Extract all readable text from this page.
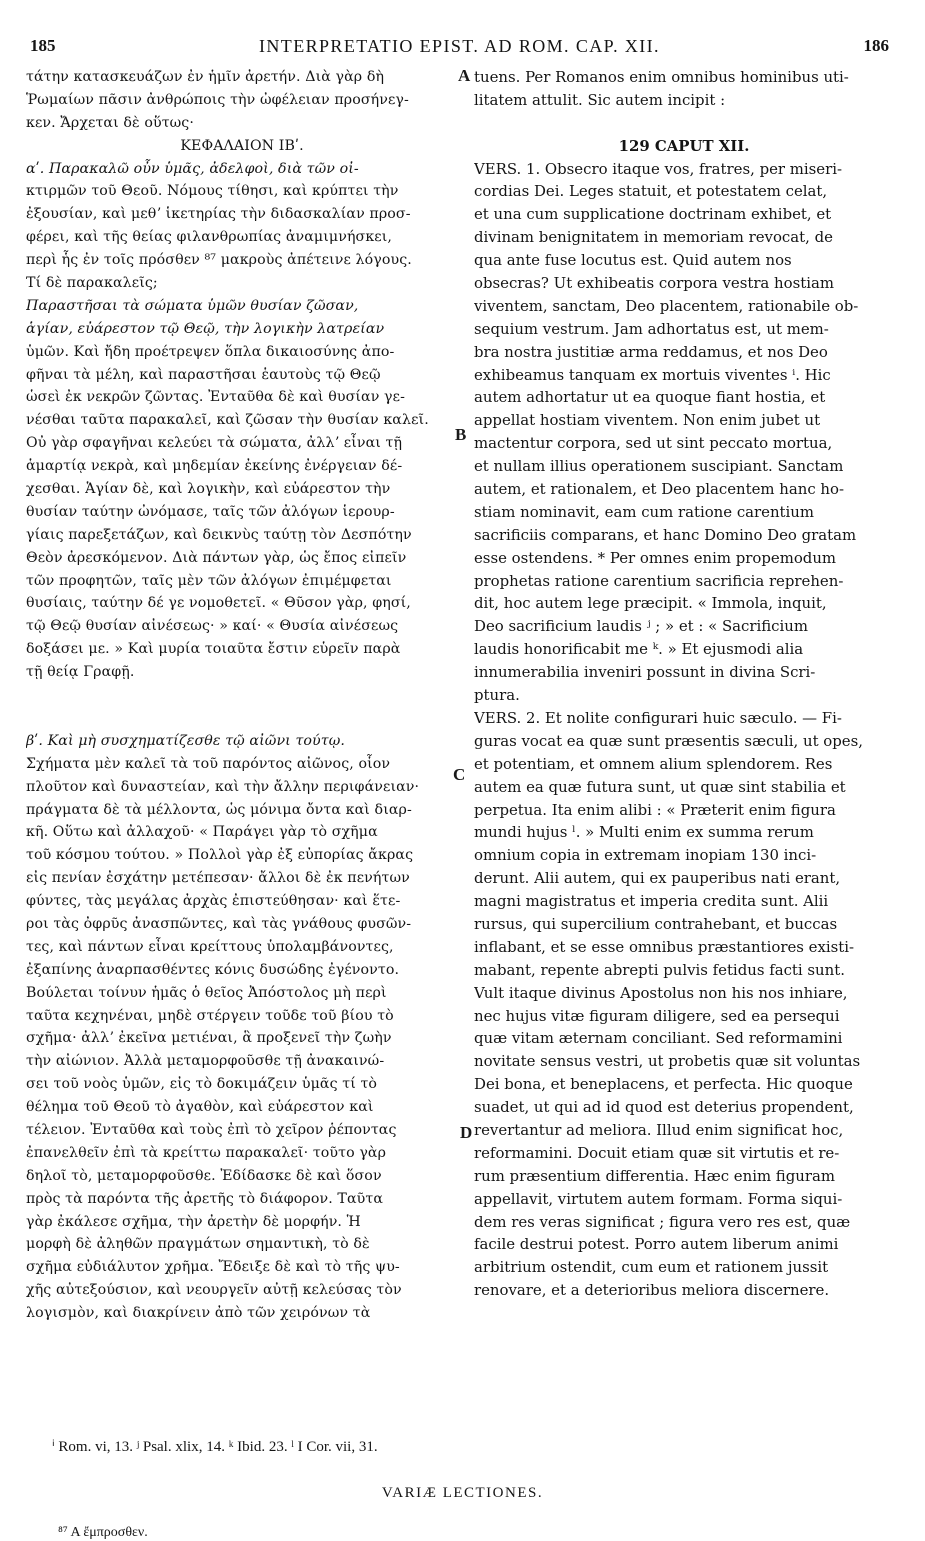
185	INTERPRETATIO EPIST. AD ROM. CAP. XII.	186
τάτην κατασκευάζων ἐν ἡμῖν ἀρετήν. Διὰ γὰρ δὴ
Ῥωμαίων πᾶσιν ἀνθρώποις τὴν ὠφέλειαν προσήνεγ-
κεν. Ἄρχεται δὲ οὕτως·
ΚΕΦΑΛΑΙΟΝ ΙΒʹ.
αʹ. Παρακαλῶ οὖν ὑμᾶς, ἀδελφοὶ, διὰ τῶν οἰ-
κτιρμῶν τοῦ Θεοῦ. Νόμους τίθησι, καὶ κρύπτει τὴν
ἐξουσίαν, καὶ μεθʼ ἱκετηρίας τὴν διδασκαλίαν προσ-
φέρει, καὶ τῆς θείας φιλανθρωπίας ἀναμιμνήσκει,
περὶ ἧς ἐν τοῖς πρόσθεν ⁸⁷ μακροὺς ἀπέτεινε λόγους.
Τί δὲ παρακαλεῖς;
Παραστῆσαι τὰ σώματα ὑμῶν θυσίαν ζῶσαν,
ἁγίαν, εὐάρεστον τῷ Θεῷ, τὴν λογικὴν λατρείαν
ὑμῶν. Καὶ ἤδη προέτρεψεν ὅπλα δικαιοσύνης ἀπο-
φῆναι τὰ μέλη, καὶ παραστῆσαι ἑαυτοὺς τῷ Θεῷ
ὡσεὶ ἐκ νεκρῶν ζῶντας. Ἐνταῦθα δὲ καὶ θυσίαν γε-
νέσθαι ταῦτα παρακαλεῖ, καὶ ζῶσαν τὴν θυσίαν καλεῖ.
Οὐ γὰρ σφαγῆναι κελεύει τὰ σώματα, ἀλλʼ εἶναι τῇ
ἁμαρτίᾳ νεκρὰ, καὶ μηδεμίαν ἐκείνης ἐνέργειαν δέ-
χεσθαι. Ἁγίαν δὲ, καὶ λογικὴν, καὶ εὐάρεστον τὴν
θυσίαν ταύτην ὠνόμασε, ταῖς τῶν ἀλόγων ἱερουρ-
γίαις παρεξετάζων, καὶ δεικνὺς ταύτῃ τὸν Δεσπότην
Θεὸν ἀρεσκόμενον. Διὰ πάντων γὰρ, ὡς ἔπος εἰπεῖν
τῶν προφητῶν, ταῖς μὲν τῶν ἀλόγων ἐπιμέμφεται
θυσίαις, ταύτην δέ γε νομοθετεῖ. « Θῦσον γὰρ, φησί,
τῷ Θεῷ θυσίαν αἰνέσεως· » καί· « Θυσία αἰνέσεως
δοξάσει με. » Καὶ μυρία τοιαῦτα ἔστιν εὑρεῖν παρὰ
τῇ θείᾳ Γραφῇ.
βʹ. Καὶ μὴ συσχηματίζεσθε τῷ αἰῶνι τούτῳ.
Σχήματα μὲν καλεῖ τὰ τοῦ παρόντος αἰῶνος, οἷον
πλοῦτον καὶ δυναστείαν, καὶ τὴν ἄλλην περιφάνειαν·
πράγματα δὲ τὰ μέλλοντα, ὡς μόνιμα ὄντα καὶ διαρ-
κῆ. Οὕτω καὶ ἀλλαχοῦ· « Παράγει γὰρ τὸ σχῆμα
τοῦ κόσμου τούτου. » Πολλοὶ γὰρ ἐξ εὐπορίας ἄκρας
εἰς πενίαν ἐσχάτην μετέπεσαν· ἄλλοι δὲ ἐκ πενήτων
φύντες, τὰς μεγάλας ἀρχὰς ἐπιστεύθησαν· καὶ ἕτε-
ροι τὰς ὀφρῦς ἀνασπῶντες, καὶ τὰς γνάθους φυσῶν-
τες, καὶ πάντων εἶναι κρείττους ὑπολαμβάνοντες,
ἐξαπίνης ἀναρπασθέντες κόνις δυσώδης ἐγένοντο.
Βούλεται τοίνυν ἡμᾶς ὁ θεῖος Ἀπόστολος μὴ περὶ
ταῦτα κεχηνέναι, μηδὲ στέργειν τοῦδε τοῦ βίου τὸ
σχῆμα· ἀλλʼ ἐκεῖνα μετιέναι, ἃ προξενεῖ τὴν ζωὴν
τὴν αἰώνιον. Ἀλλὰ μεταμορφοῦσθε τῇ ἀνακαινώ-
σει τοῦ νοὸς ὑμῶν, εἰς τὸ δοκιμάζειν ὑμᾶς τί τὸ
θέλημα τοῦ Θεοῦ τὸ ἀγαθὸν, καὶ εὐάρεστον καὶ
τέλειον. Ἐνταῦθα καὶ τοὺς ἐπὶ τὸ χεῖρον ῥέποντας
ἐπανελθεῖν ἐπὶ τὰ κρείττω παρακαλεῖ· τοῦτο γὰρ
δηλοῖ τὸ, μεταμορφοῦσθε. Ἐδίδασκε δὲ καὶ ὅσον
πρὸς τὰ παρόντα τῆς ἀρετῆς τὸ διάφορον. Ταῦτα
γὰρ ἐκάλεσε σχῆμα, τὴν ἀρετὴν δὲ μορφήν. Ἡ
μορφὴ δὲ ἀληθῶν πραγμάτων σημαντικὴ, τὸ δὲ
σχῆμα εὐδιάλυτον χρῆμα. Ἔδειξε δὲ καὶ τὸ τῆς ψυ-
χῆς αὐτεξούσιον, καὶ νεουργεῖν αὐτῇ κελεύσας τὸν
λογισμὸν, καὶ διακρίνειν ἀπὸ τῶν χειρόνων τὰ
tuens. Per Romanos enim omnibus hominibus uti-
litatem attulit. Sic autem incipit :
129 CAPUT XII.
VERS. 1. Obsecro itaque vos, fratres, per miseri-
cordias Dei. Leges statuit, et potestatem celat,
et una cum supplicatione doctrinam exhibet, et
divinam benignitatem in memoriam revocat, de
qua ante fuse locutus est. Quid autem nos
obsecras? Ut exhibeatis corpora vestra hostiam
viventem, sanctam, Deo placentem, rationabile ob-
sequium vestrum. Jam adhortatus est, ut mem-
bra nostra justitiæ arma reddamus, et nos Deo
exhibeamus tanquam ex mortuis viventes ⁱ. Hic
autem adhortatur ut ea quoque fiant hostia, et
appellat hostiam viventem. Non enim jubet ut
mactentur corpora, sed ut sint peccato mortua,
et nullam illius operationem suscipiant. Sanctam
autem, et rationalem, et Deo placentem hanc ho-
stiam nominavit, eam cum ratione carentium
sacrificiis comparans, et hanc Domino Deo gratam
esse ostendens. * Per omnes enim propemodum
prophetas ratione carentium sacrificia reprehen-
dit, hoc autem lege præcipit. « Immola, inquit,
Deo sacrificium laudis ʲ ; » et : « Sacrificium
laudis honorificabit me ᵏ. » Et ejusmodi alia
innumerabilia inveniri possunt in divina Scri-
ptura.
VERS. 2. Et nolite configurari huic sæculo. — Fi-
guras vocat ea quæ sunt præsentis sæculi, ut opes,
et potentiam, et omnem alium splendorem. Res
autem ea quæ futura sunt, ut quæ sint stabilia et
perpetua. Ita enim alibi : « Præterit enim figura
mundi hujus ˡ. » Multi enim ex summa rerum
omnium copia in extremam inopiam 130 inci-
derunt. Alii autem, qui ex pauperibus nati erant,
magni magistratus et imperia credita sunt. Alii
rursus, qui supercilium contrahebant, et buccas
inflabant, et se esse omnibus præstantiores existi-
mabant, repente abrepti pulvis fetidus facti sunt.
Vult itaque divinus Apostolus non his nos inhiare,
nec hujus vitæ figuram diligere, sed ea persequi
quæ vitam æternam conciliant. Sed reformamini
novitate sensus vestri, ut probetis quæ sit voluntas
Dei bona, et beneplacens, et perfecta. Hic quoque
suadet, ut qui ad id quod est deterius propendent,
revertantur ad meliora. Illud enim significat hoc,
reformamini. Docuit etiam quæ sit virtutis et re-
rum præsentium differentia. Hæc enim figuram
appellavit, virtutem autem formam. Forma siqui-
dem res veras significat ; figura vero res est, quæ
facile destrui potest. Porro autem liberum animi
arbitrium ostendit, cum eum et rationem jussit
renovare, et a deterioribus meliora discernere.
A
B
C
D
ⁱ Rom. vi, 13. ʲ Psal. xlix, 14. ᵏ Ibid. 23. ˡ I Cor. vii, 31.
VARIÆ LECTIONES.
⁸⁷ A ἔμπροσθεν.
